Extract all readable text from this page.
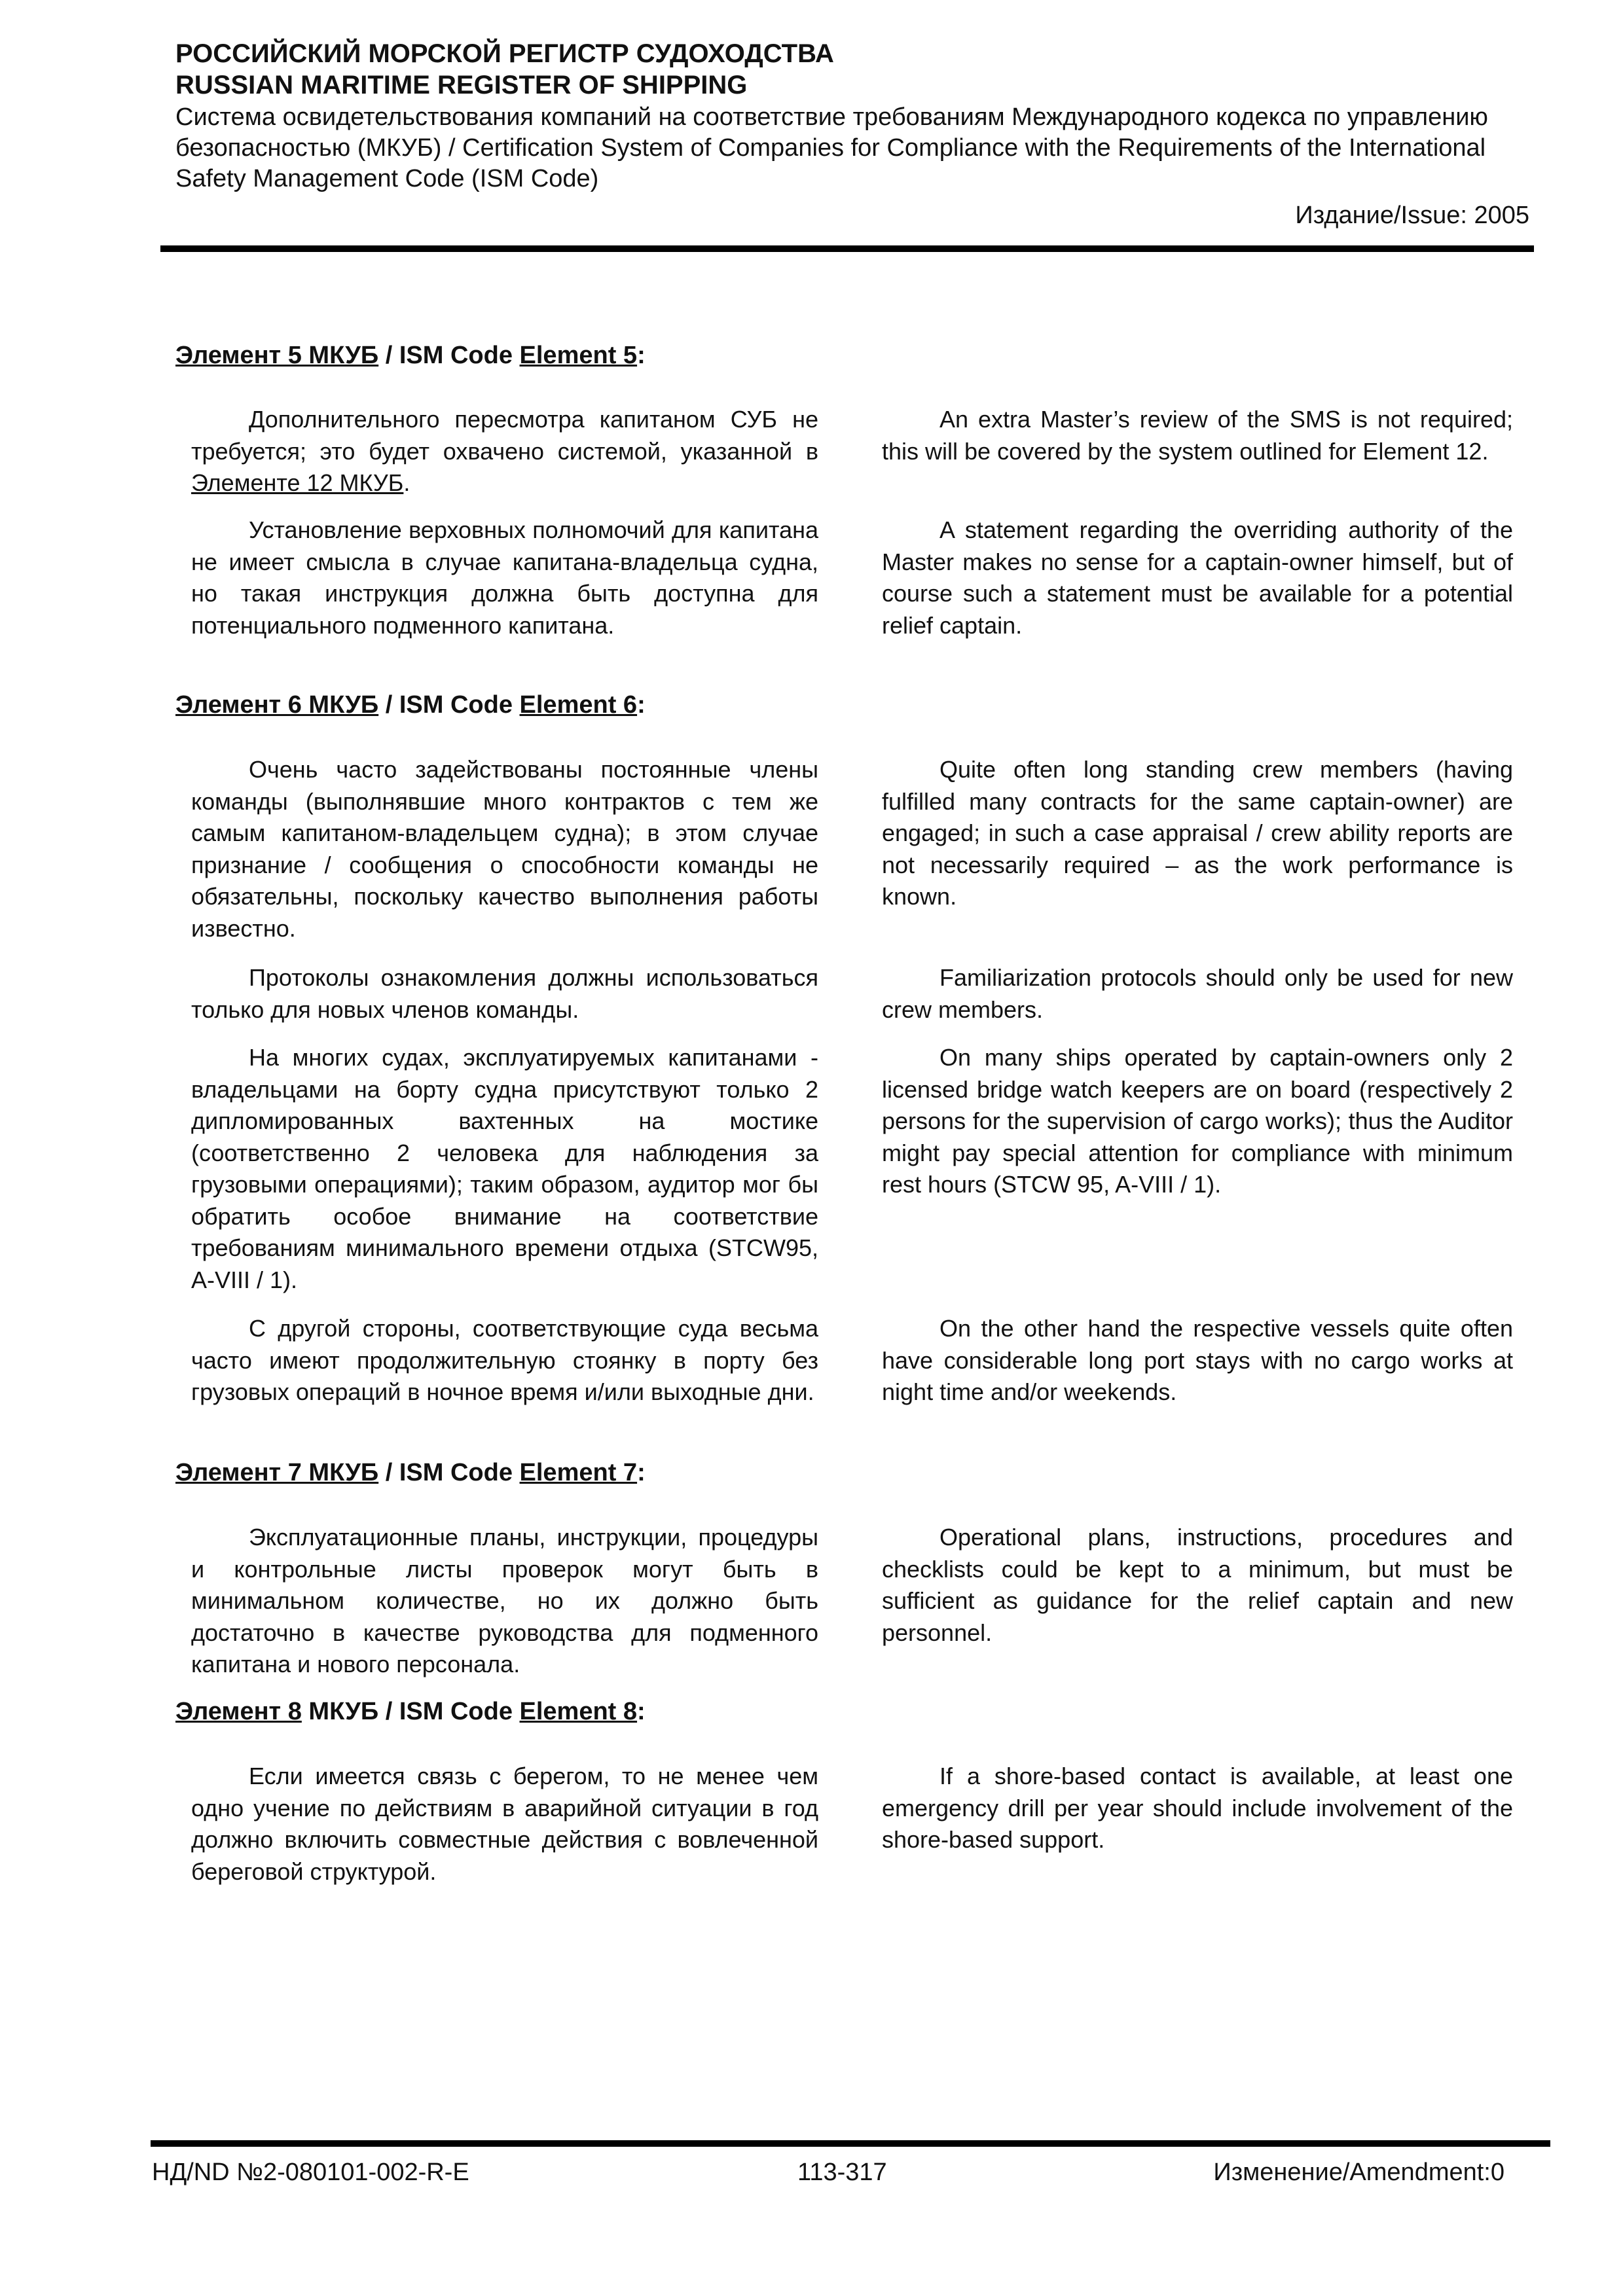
РОССИЙСКИЙ МОРСКОЙ РЕГИСТР СУДОХОДСТВА
RUSSIAN MARITIME REGISTER OF SHIPPING
Система освидетельствования компаний на соответствие требованиям Международного кодекса по управлению безопасностью (МКУБ) / Certification System of Companies for Compliance with the Requirements of the International Safety Management Code (ISM Code)
Издание/Issue: 2005
Элемент 5 МКУБ / ISM Code Element 5:

Дополнительного пересмотра капитаном СУБ не требуется; это будет охвачено системой, указанной в Элементе 12 МКУБ.

An extra Master’s review of the SMS is not required; this will be covered by the system outlined for Element 12.

Установление верховных полномочий для капитана не имеет смысла в случае капитана-владельца судна, но такая инструкция должна быть доступна для потенциального подменного капитана.

A statement regarding the overriding authority of the Master makes no sense for a captain-owner himself, but of course such a statement must be available for a potential relief captain.

Элемент 6 МКУБ / ISM Code Element 6:

Очень часто задействованы постоянные члены команды (выполнявшие много контрактов с тем же самым капитаном-владельцем судна); в этом случае признание / сообщения о способности команды не обязательны, поскольку качество выполнения работы известно.

Quite often long standing crew members (having fulfilled many contracts for the same captain-owner) are engaged; in such a case appraisal / crew ability reports are not necessarily required – as the work performance is known.

Протоколы ознакомления должны использоваться только для новых членов команды.

Familiarization protocols should only be used for new crew members.

На многих судах, эксплуатируемых капитанами - владельцами на борту судна присутствуют только 2 дипломированных вахтенных на мостике (соответственно 2 человека для наблюдения за грузовыми операциями); таким образом, аудитор мог бы обратить особое внимание на соответствие требованиям минимального времени отдыха (STCW95, A-VIII / 1).

On many ships operated by captain-owners only 2 licensed bridge watch keepers are on board (respectively 2 persons for the supervision of cargo works); thus the Auditor might pay special attention for compliance with minimum rest hours (STCW 95, A-VIII / 1).

С другой стороны, соответствующие суда весьма часто имеют продолжительную стоянку в порту без грузовых операций в ночное время и/или выходные дни.

On the other hand the respective vessels quite often have considerable long port stays with no cargo works at night time and/or weekends.

Элемент 7 МКУБ / ISM Code Element 7:

Эксплуатационные планы, инструкции, процедуры и контрольные листы проверок могут быть в минимальном количестве, но их должно быть достаточно в качестве руководства для подменного капитана и нового персонала.

Operational plans, instructions, procedures and checklists could be kept to a minimum, but must be sufficient as guidance for the relief captain and new personnel.

Элемент 8 МКУБ / ISM Code Element 8:

Если имеется связь с берегом, то не менее чем одно учение по действиям в аварийной ситуации в год должно включить совместные действия с вовлеченной береговой структурой.

If a shore-based contact is available, at least one emergency drill per year should include involvement of the shore-based support.

НД/ND №2-080101-002-R-E	113-317	Изменение/Amendment:0
